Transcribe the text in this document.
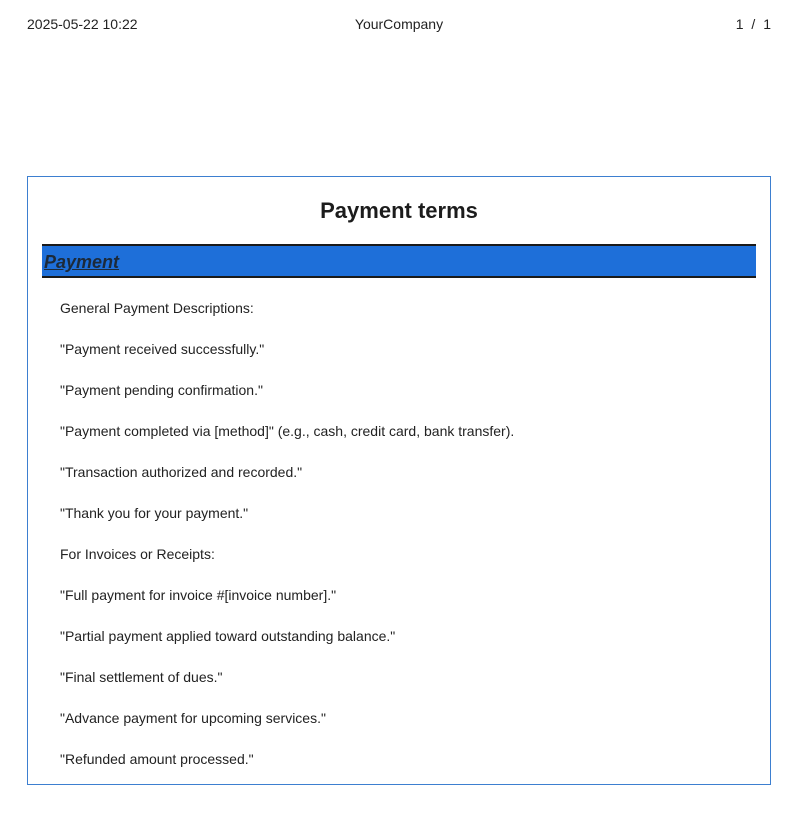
2025-05-22 10:22	YourCompany	1 / 1
Payment terms
Payment
General Payment Descriptions:
"Payment received successfully."
"Payment pending confirmation."
"Payment completed via [method]" (e.g., cash, credit card, bank transfer).
"Transaction authorized and recorded."
"Thank you for your payment."
For Invoices or Receipts:
"Full payment for invoice #[invoice number]."
"Partial payment applied toward outstanding balance."
"Final settlement of dues."
"Advance payment for upcoming services."
"Refunded amount processed."
